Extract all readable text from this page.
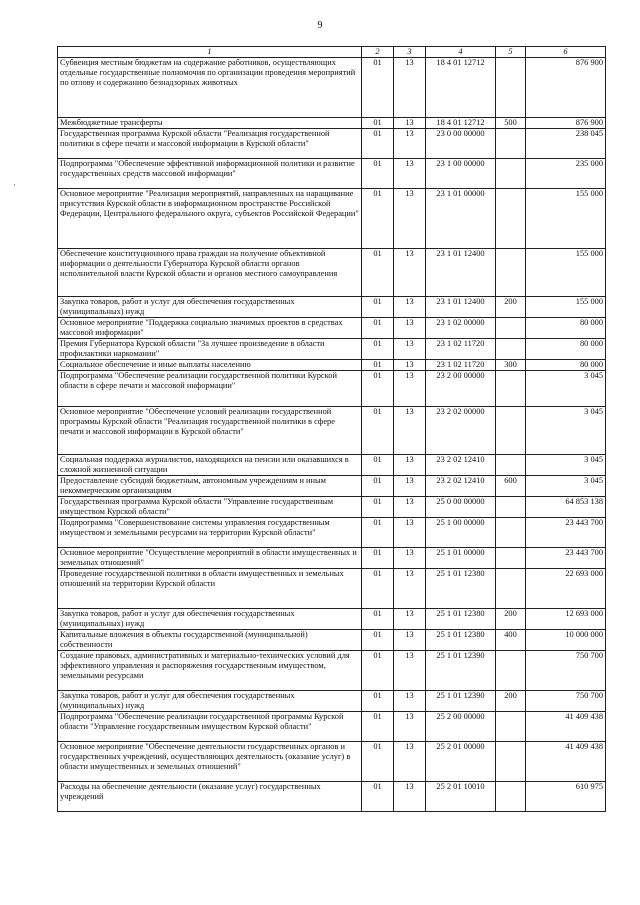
9
·
1	2	3	4	5	6
Субвенция местным бюджетам на содержание работников, осуществляющих отдельные государственные полномочия по организации проведения мероприятий по отлову и содержанию безнадзорных животных	01	13	18 4 01 12712		876 900
Межбюджетные трансферты	01	13	18 4 01 12712	500	876 900
Государственная программа Курской области "Реализация государственной политики в сфере печати и массовой информации в Курской области"	01	13	23 0 00 00000		238 045
Подпрограмма "Обеспечение эффективной информационной политики и развитие государственных средств массовой информации"	01	13	23 1 00 00000		235 000
Основное мероприятие "Реализация мероприятий, направленных на наращивание присутствия Курской области в информационном пространстве Российской Федерации, Центрального федерального округа, субъектов Российской Федерации"	01	13	23 1 01 00000		155 000
Обеспечение конституционного права граждан на получение объективной информации о деятельности Губернатора Курской области органов исполнительной власти Курской области и органов местного самоуправления	01	13	23 1 01 12400		155 000
Закупка товаров, работ и услуг для обеспечения государственных (муниципальных) нужд	01	13	23 1 01 12400	200	155 000
Основное мероприятие "Поддержка социально значимых проектов в средствах массовой информации"	01	13	23 1 02 00000		80 000
Премия Губернатора Курской области "За лучшее произведение в области профилактики наркомании"	01	13	23 1 02 11720		80 000
Социальное обеспечение и иные выплаты населению	01	13	23 1 02 11720	300	80 000
Подпрограмма "Обеспечение реализации государственной политики Курской области в сфере печати и массовой информации"	01	13	23 2 00 00000		3 045
Основное мероприятие "Обеспечение условий реализации государственной программы Курской области "Реализация государственной политики в сфере печати и массовой информации в Курской области"	01	13	23 2 02 00000		3 045
Социальная поддержка журналистов, находящихся на пенсии или оказавшихся в сложной жизненной ситуации	01	13	23 2 02 12410		3 045
Предоставление субсидий бюджетным, автономным учреждениям и иным некоммерческим организациям	01	13	23 2 02 12410	600	3 045
Государственная программа Курской области "Управление государственным имуществом Курской области"	01	13	25 0 00 00000		64 853 138
Подпрограмма "Совершенствование системы управления государственным имуществом и земельными ресурсами на территории Курской области"	01	13	25 1 00 00000		23 443 700
Основное мероприятие "Осуществление мероприятий в области имущественных и земельных отношений"	01	13	25 1 01 00000		23 443 700
Проведение государственной политики в области имущественных и земельных отношений на территории Курской области	01	13	25 1 01 12380		22 693 000
Закупка товаров, работ и услуг для обеспечения государственных (муниципальных) нужд	01	13	25 1 01 12380	200	12 693 000
Капитальные вложения в объекты государственной (муниципальной) собственности	01	13	25 1 01 12380	400	10 000 000
Создание правовых, административных и материально-технических условий для эффективного управления и распоряжения государственным имуществом, земельными ресурсами	01	13	25 1 01 12390		750 700
Закупка товаров, работ и услуг для обеспечения государственных (муниципальных) нужд	01	13	25 1 01 12390	200	750 700
Подпрограмма "Обеспечение реализации государственной программы Курской области "Управление государственным имуществом Курской области"	01	13	25 2 00 00000		41 409 438
Основное мероприятие "Обеспечение деятельности государственных органов и государственных учреждений, осуществляющих деятельность (оказание услуг) в области имущественных и земельных отношений"	01	13	25 2 01 00000		41 409 438
Расходы на обеспечение деятельности (оказание услуг) государственных учреждений	01	13	25 2 01 10010		610 975
